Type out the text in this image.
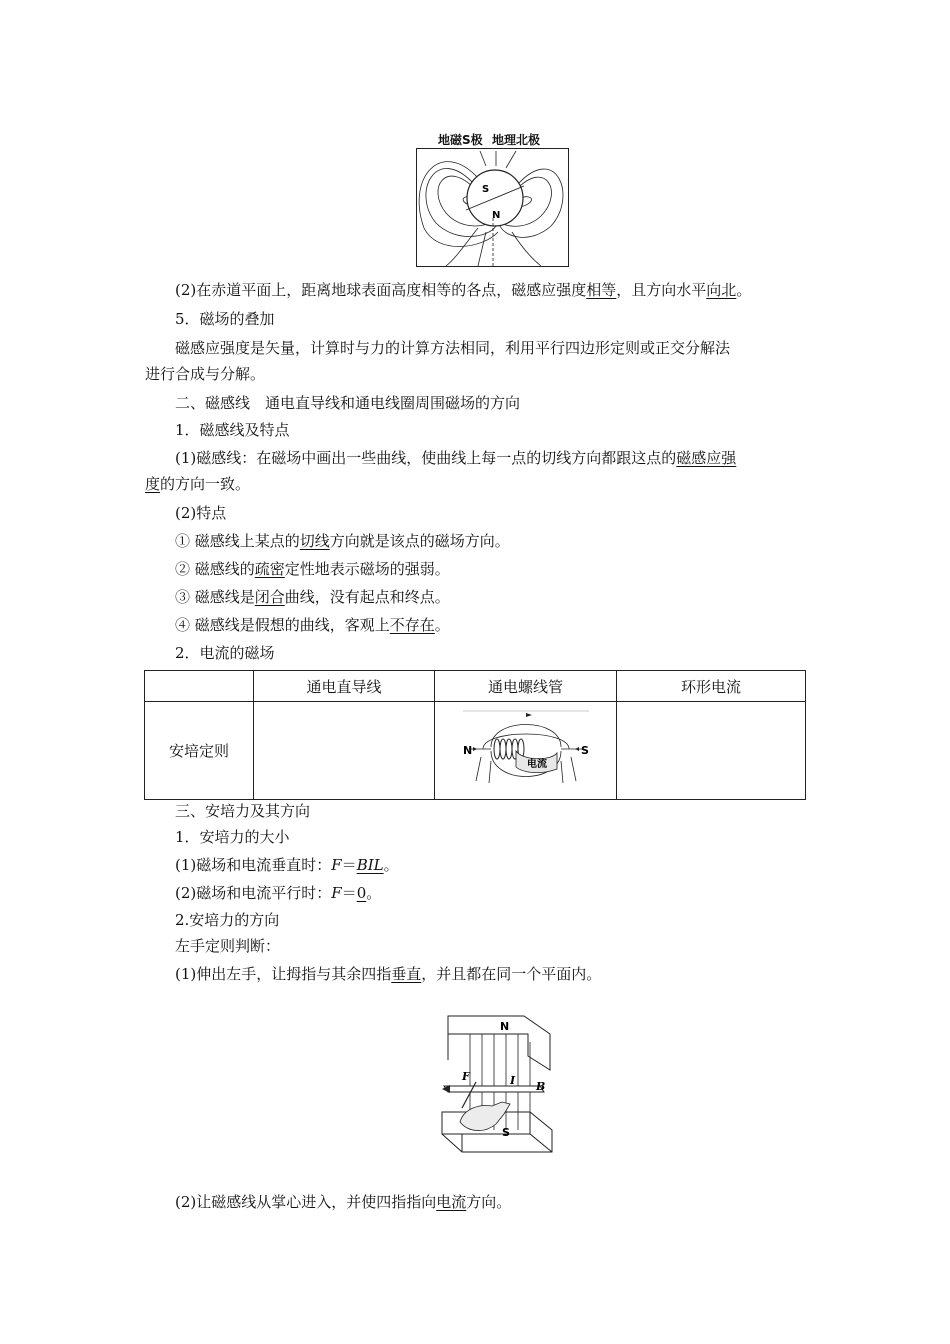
地磁S极 地理北极
S
N
(2)在赤道平面上，距离地球表面高度相等的各点，磁感应强度相等，且方向水平向北。
5．磁场的叠加
磁感应强度是矢量，计算时与力的计算方法相同，利用平行四边形定则或正交分解法
进行合成与分解。
二、磁感线　通电直导线和通电线圈周围磁场的方向
1．磁感线及特点
(1)磁感线：在磁场中画出一些曲线，使曲线上每一点的切线方向都跟这点的磁感应强
度的方向一致。
(2)特点
① 磁感线上某点的切线方向就是该点的磁场方向。
② 磁感线的疏密定性地表示磁场的强弱。
③ 磁感线是闭合曲线，没有起点和终点。
④ 磁感线是假想的曲线，客观上不存在。
2．电流的磁场
	通电直导线	通电螺线管	环形电流
安培定则		N S
电流	

三、安培力及其方向
1．安培力的大小
(1)磁场和电流垂直时：F＝BIL。
(2)磁场和电流平行时：F＝0。
2.安培力的方向
左手定则判断：
(1)伸出左手，让拇指与其余四指垂直，并且都在同一个平面内。
N
S
F	I B
(2)让磁感线从掌心进入，并使四指指向电流方向。
